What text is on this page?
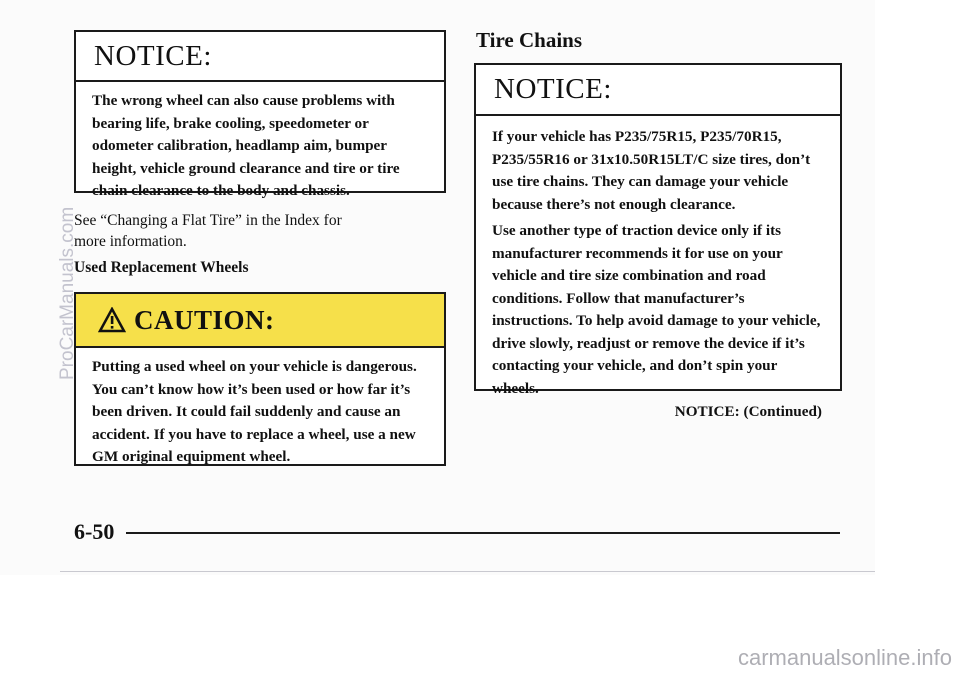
NOTICE:

The wrong wheel can also cause problems with bearing life, brake cooling, speedometer or odometer calibration, headlamp aim, bumper height, vehicle ground clearance and tire or tire chain clearance to the body and chassis.

See “Changing a Flat Tire” in the Index for
more information.
Used Replacement Wheels
CAUTION:

Putting a used wheel on your vehicle is dangerous. You can’t know how it’s been used or how far it’s been driven. It could fail suddenly and cause an accident. If you have to replace a wheel, use a new GM original equipment wheel.

Tire Chains
NOTICE:

If your vehicle has P235/75R15, P235/70R15, P235/55R16 or 31x10.50R15LT/C size tires, don’t use tire chains. They can damage your vehicle because there’s not enough clearance.

Use another type of traction device only if its manufacturer recommends it for use on your vehicle and tire size combination and road conditions. Follow that manufacturer’s instructions. To help avoid damage to your vehicle, drive slowly, readjust or remove the device if it’s contacting your vehicle, and don’t spin your wheels.

NOTICE: (Continued)

6-50
ProCarManuals.com
carmanualsonline.info
